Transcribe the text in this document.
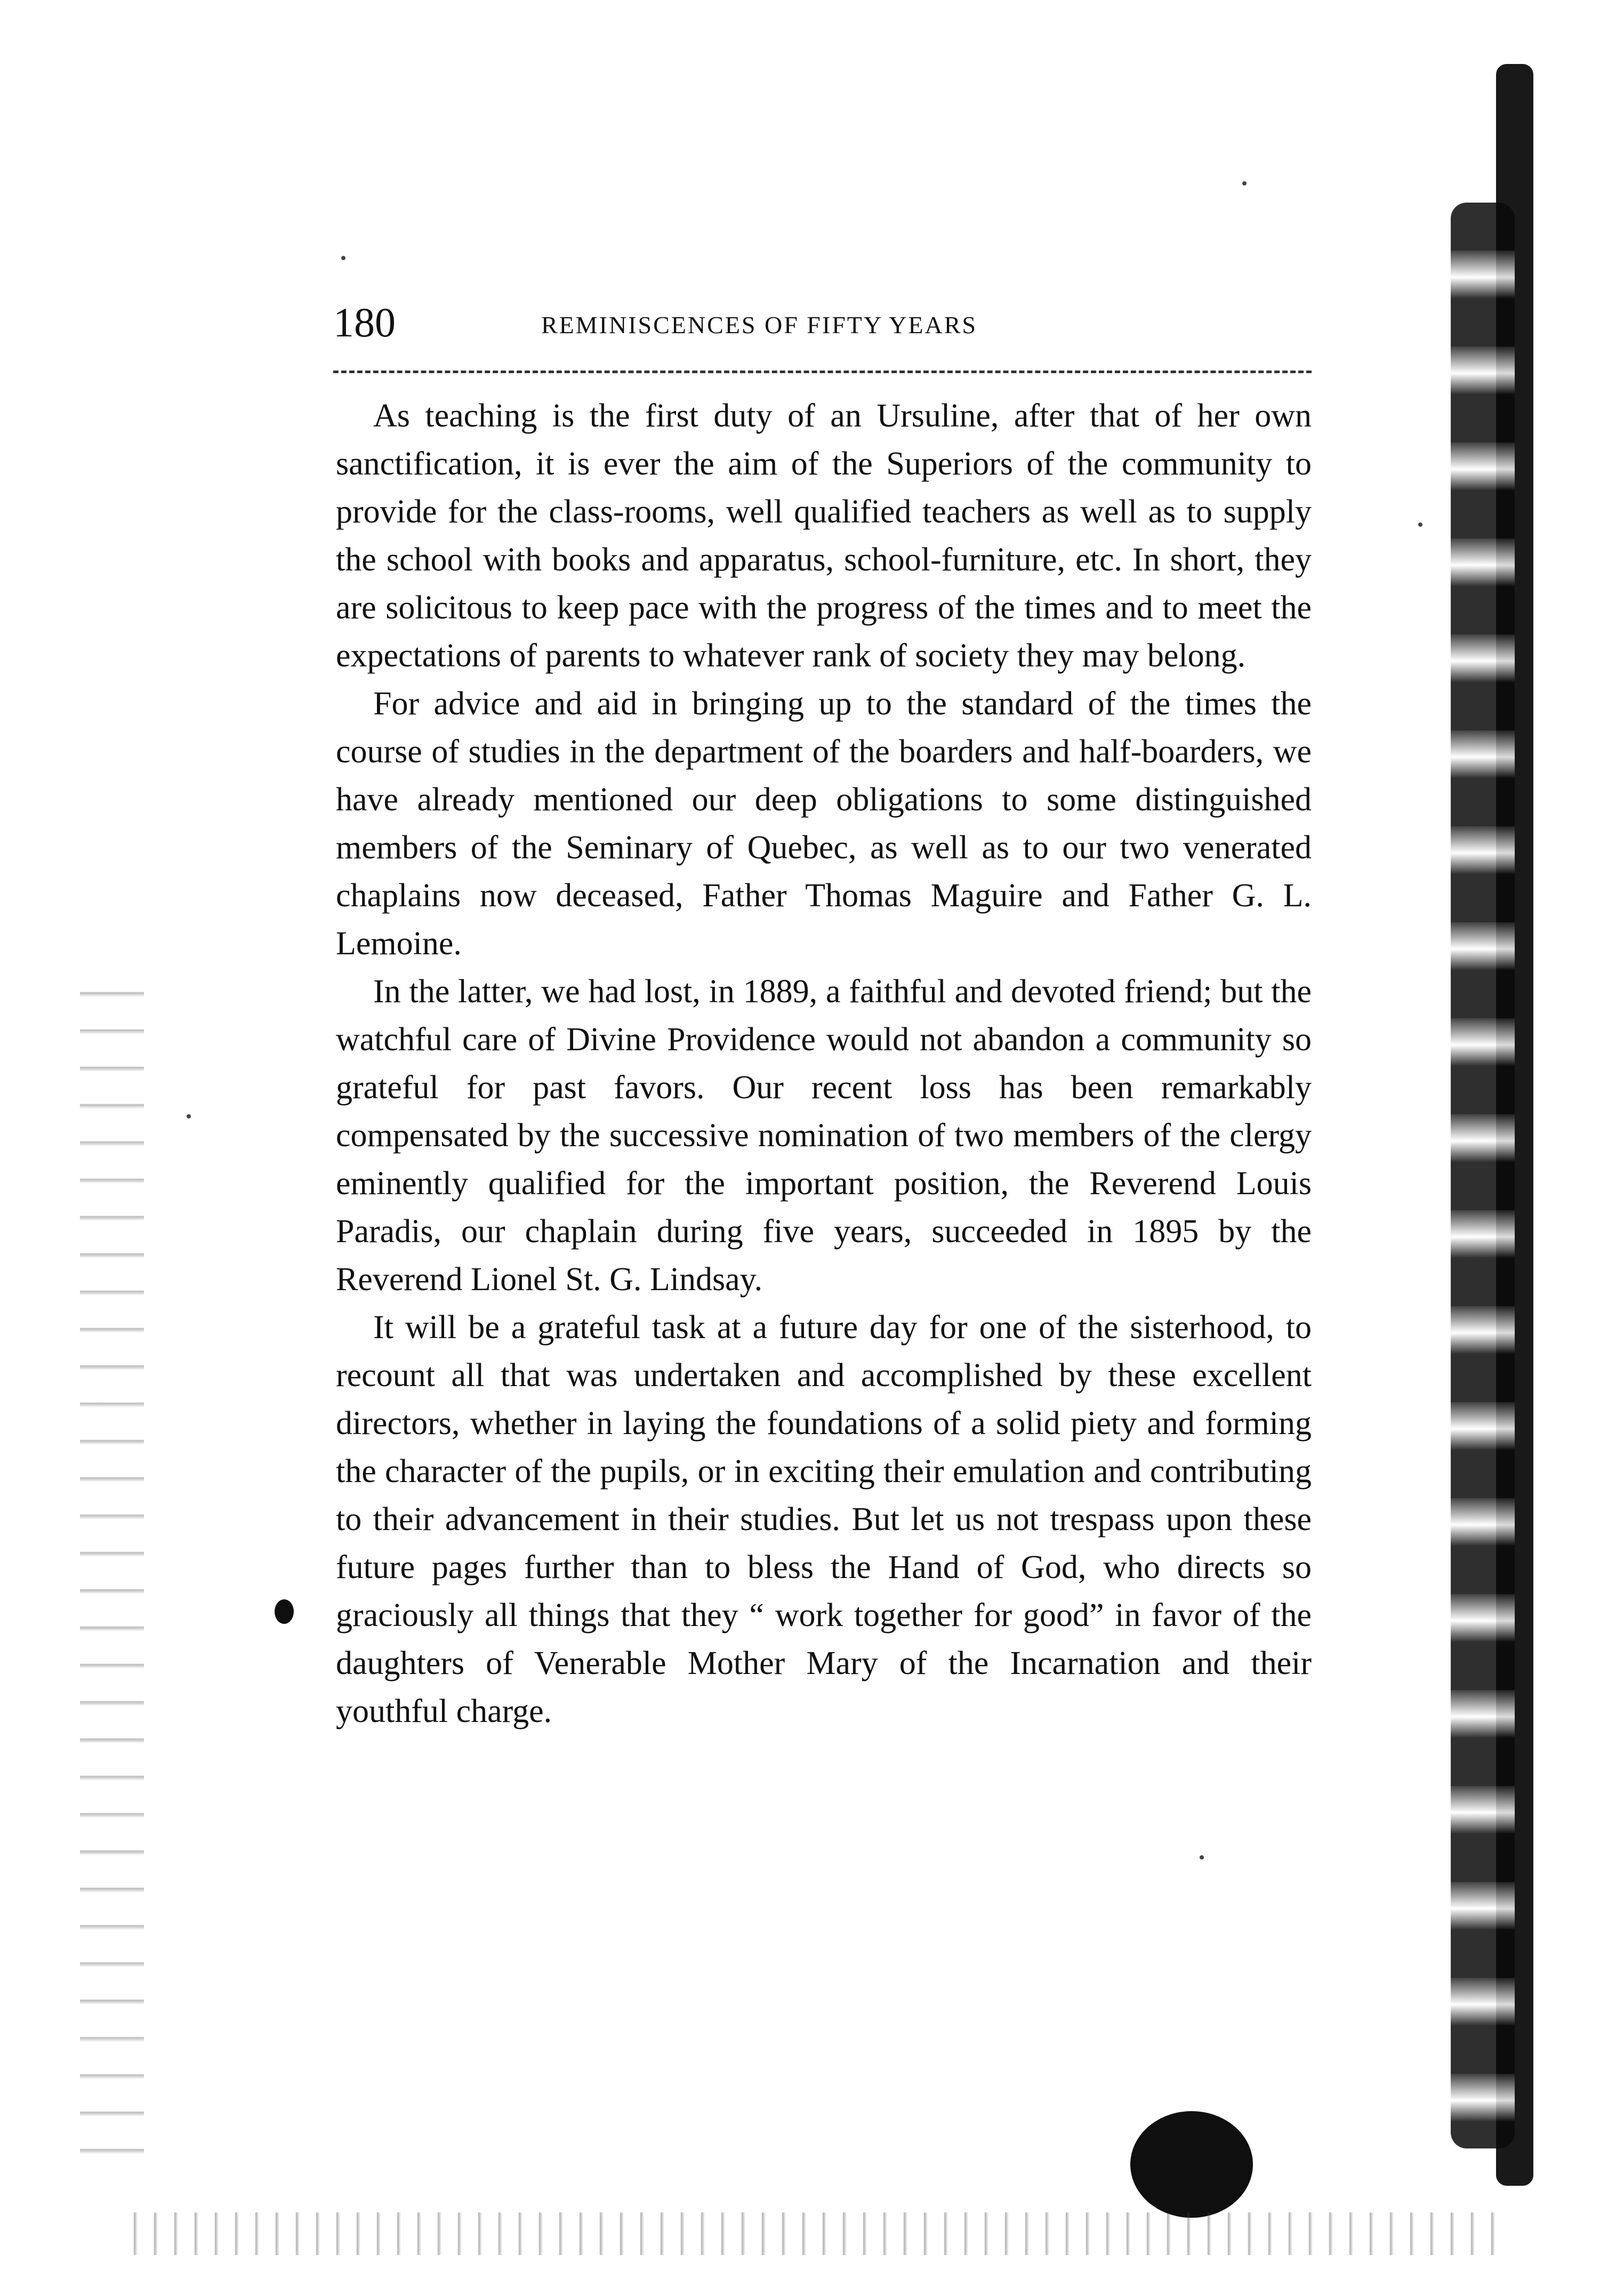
180	REMINISCENCES OF FIFTY YEARS

As teaching is the first duty of an Ursuline, after that of her own sanctification, it is ever the aim of the Superiors of the community to provide for the class-rooms, well qualified teachers as well as to supply the school with books and apparatus, school-furniture, etc. In short, they are solicitous to keep pace with the progress of the times and to meet the expectations of parents to whatever rank of society they may belong.

For advice and aid in bringing up to the standard of the times the course of studies in the department of the boarders and half-boarders, we have already mentioned our deep obligations to some distinguished members of the Seminary of Quebec, as well as to our two venerated chaplains now deceased, Father Thomas Maguire and Father G. L. Lemoine.

In the latter, we had lost, in 1889, a faithful and devoted friend; but the watchful care of Divine Providence would not abandon a community so grateful for past favors. Our recent loss has been remarkably compensated by the successive nomination of two members of the clergy eminently qualified for the important position, the Reverend Louis Paradis, our chaplain during five years, succeeded in 1895 by the Reverend Lionel St. G. Lindsay.

It will be a grateful task at a future day for one of the sisterhood, to recount all that was undertaken and accomplished by these excellent directors, whether in laying the foundations of a solid piety and forming the character of the pupils, or in exciting their emulation and contributing to their advancement in their studies. But let us not trespass upon these future pages further than to bless the Hand of God, who directs so graciously all things that they “ work together for good” in favor of the daughters of Venerable Mother Mary of the Incarnation and their youthful charge.
